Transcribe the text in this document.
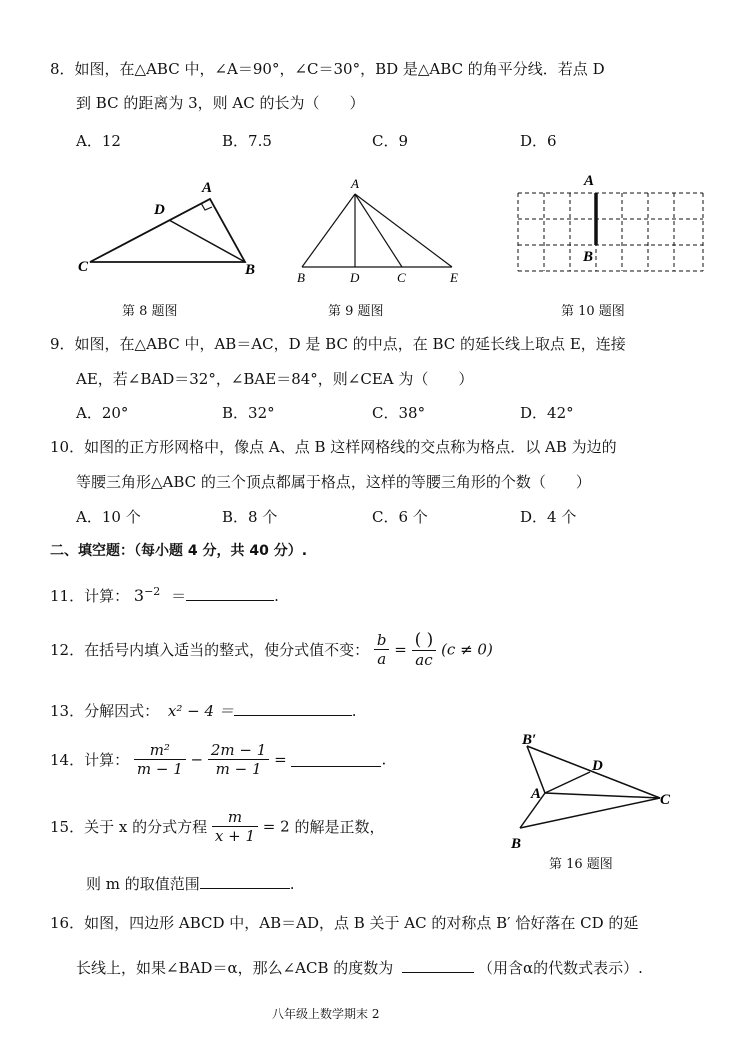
8．如图，在△ABC 中，∠A＝90°，∠C＝30°，BD 是△ABC 的角平分线．若点 D
到 BC 的距离为 3，则 AC 的长为（　　）
A．12	B．7.5	C．9	D．6
A
D
C	B
第 8 题图
A
B	D	C	E
第 9 题图
A
B
第 10 题图
9．如图，在△ABC 中，AB＝AC，D 是 BC 的中点，在 BC 的延长线上取点 E，连接
AE，若∠BAD＝32°，∠BAE＝84°，则∠CEA 为（　　）
A．20°	B．32°	C．38°	D．42°
10．如图的正方形网格中，像点 A、点 B 这样网格线的交点称为格点．以 AB 为边的
等腰三角形△ABC 的三个顶点都属于格点，这样的等腰三角形的个数（　　）
A．10 个	B．8 个	C．6 个	D．4 个
二、填空题：（每小题 4 分，共 40 分）.
11．计算： $3^{-2}$ ＝	.
12．在括号内填入适当的整式，使分式值不变： $\frac{b}{a} = \frac{( )}{ac} (c \ne 0)$
13．分解因式： x² − 4 ＝	.
14．计算： $\frac{\text{m²}}{m - 1} - \frac{2m - 1}{m - 1}$ =	.
15．关于 x 的分式方程 $\frac{m}{x + 1} = 2$ 的解是正数，
则 m 的取值范围	.
B′
D
A	C
B
第 16 题图
16．如图，四边形 ABCD 中，AB＝AD，点 B 关于 AC 的对称点 B′ 恰好落在 CD 的延
长线上，如果∠BAD＝α，那么∠ACB 的度数为	（用含α的代数式表示）.
八年级上数学期末 2
